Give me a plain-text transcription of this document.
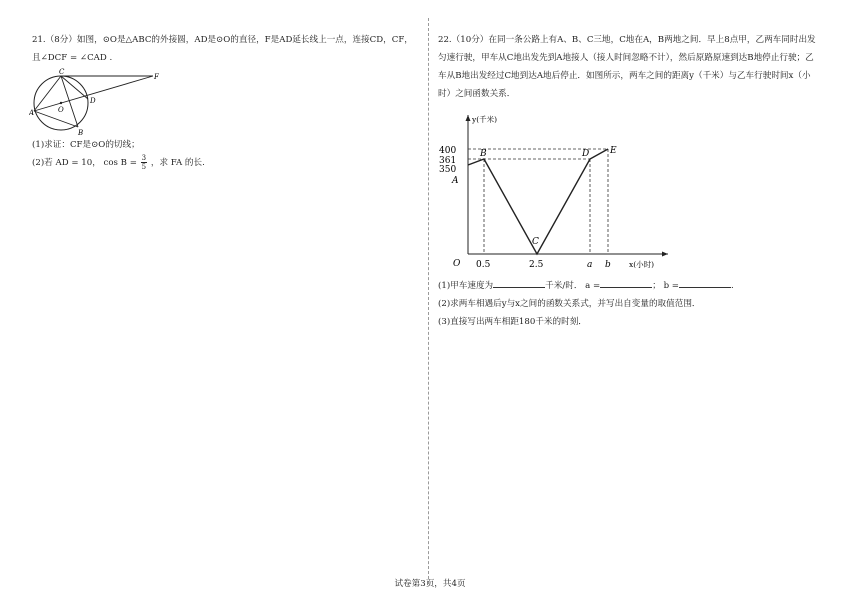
21.（8分）如图，⊙O是△ABC的外接圆，AD是⊙O的直径，F是AD延长线上一点，连接CD，CF，
且∠DCF = ∠CAD .
C
F
D
O
A
B
(1)求证：CF是⊙O的切线；
(2)若 AD = 10， $\cos B = \frac{3}{5}$ ，求 FA 的长.
22.（10分）在同一条公路上有A、B、C三地，C地在A，B两地之间．早上8点甲，乙两车同时出发
匀速行驶，甲车从C地出发先到A地接人（接人时间忽略不计），然后原路原速到达B地停止行驶；乙
车从B地出发经过C地到达A地后停止．如图所示，两车之间的距离y（千米）与乙车行驶时间x（小
时）之间函数关系．
y(千米)
x(小时)
O
400
361
350
0.5	2.5	a b
A
B
C
D E
(1)甲车速度为	千米/时． a =	； b =	.
(2)求两车相遇后y与x之间的函数关系式，并写出自变量的取值范围．
(3)直接写出两车相距180千米的时刻．
试卷第3页，共4页
